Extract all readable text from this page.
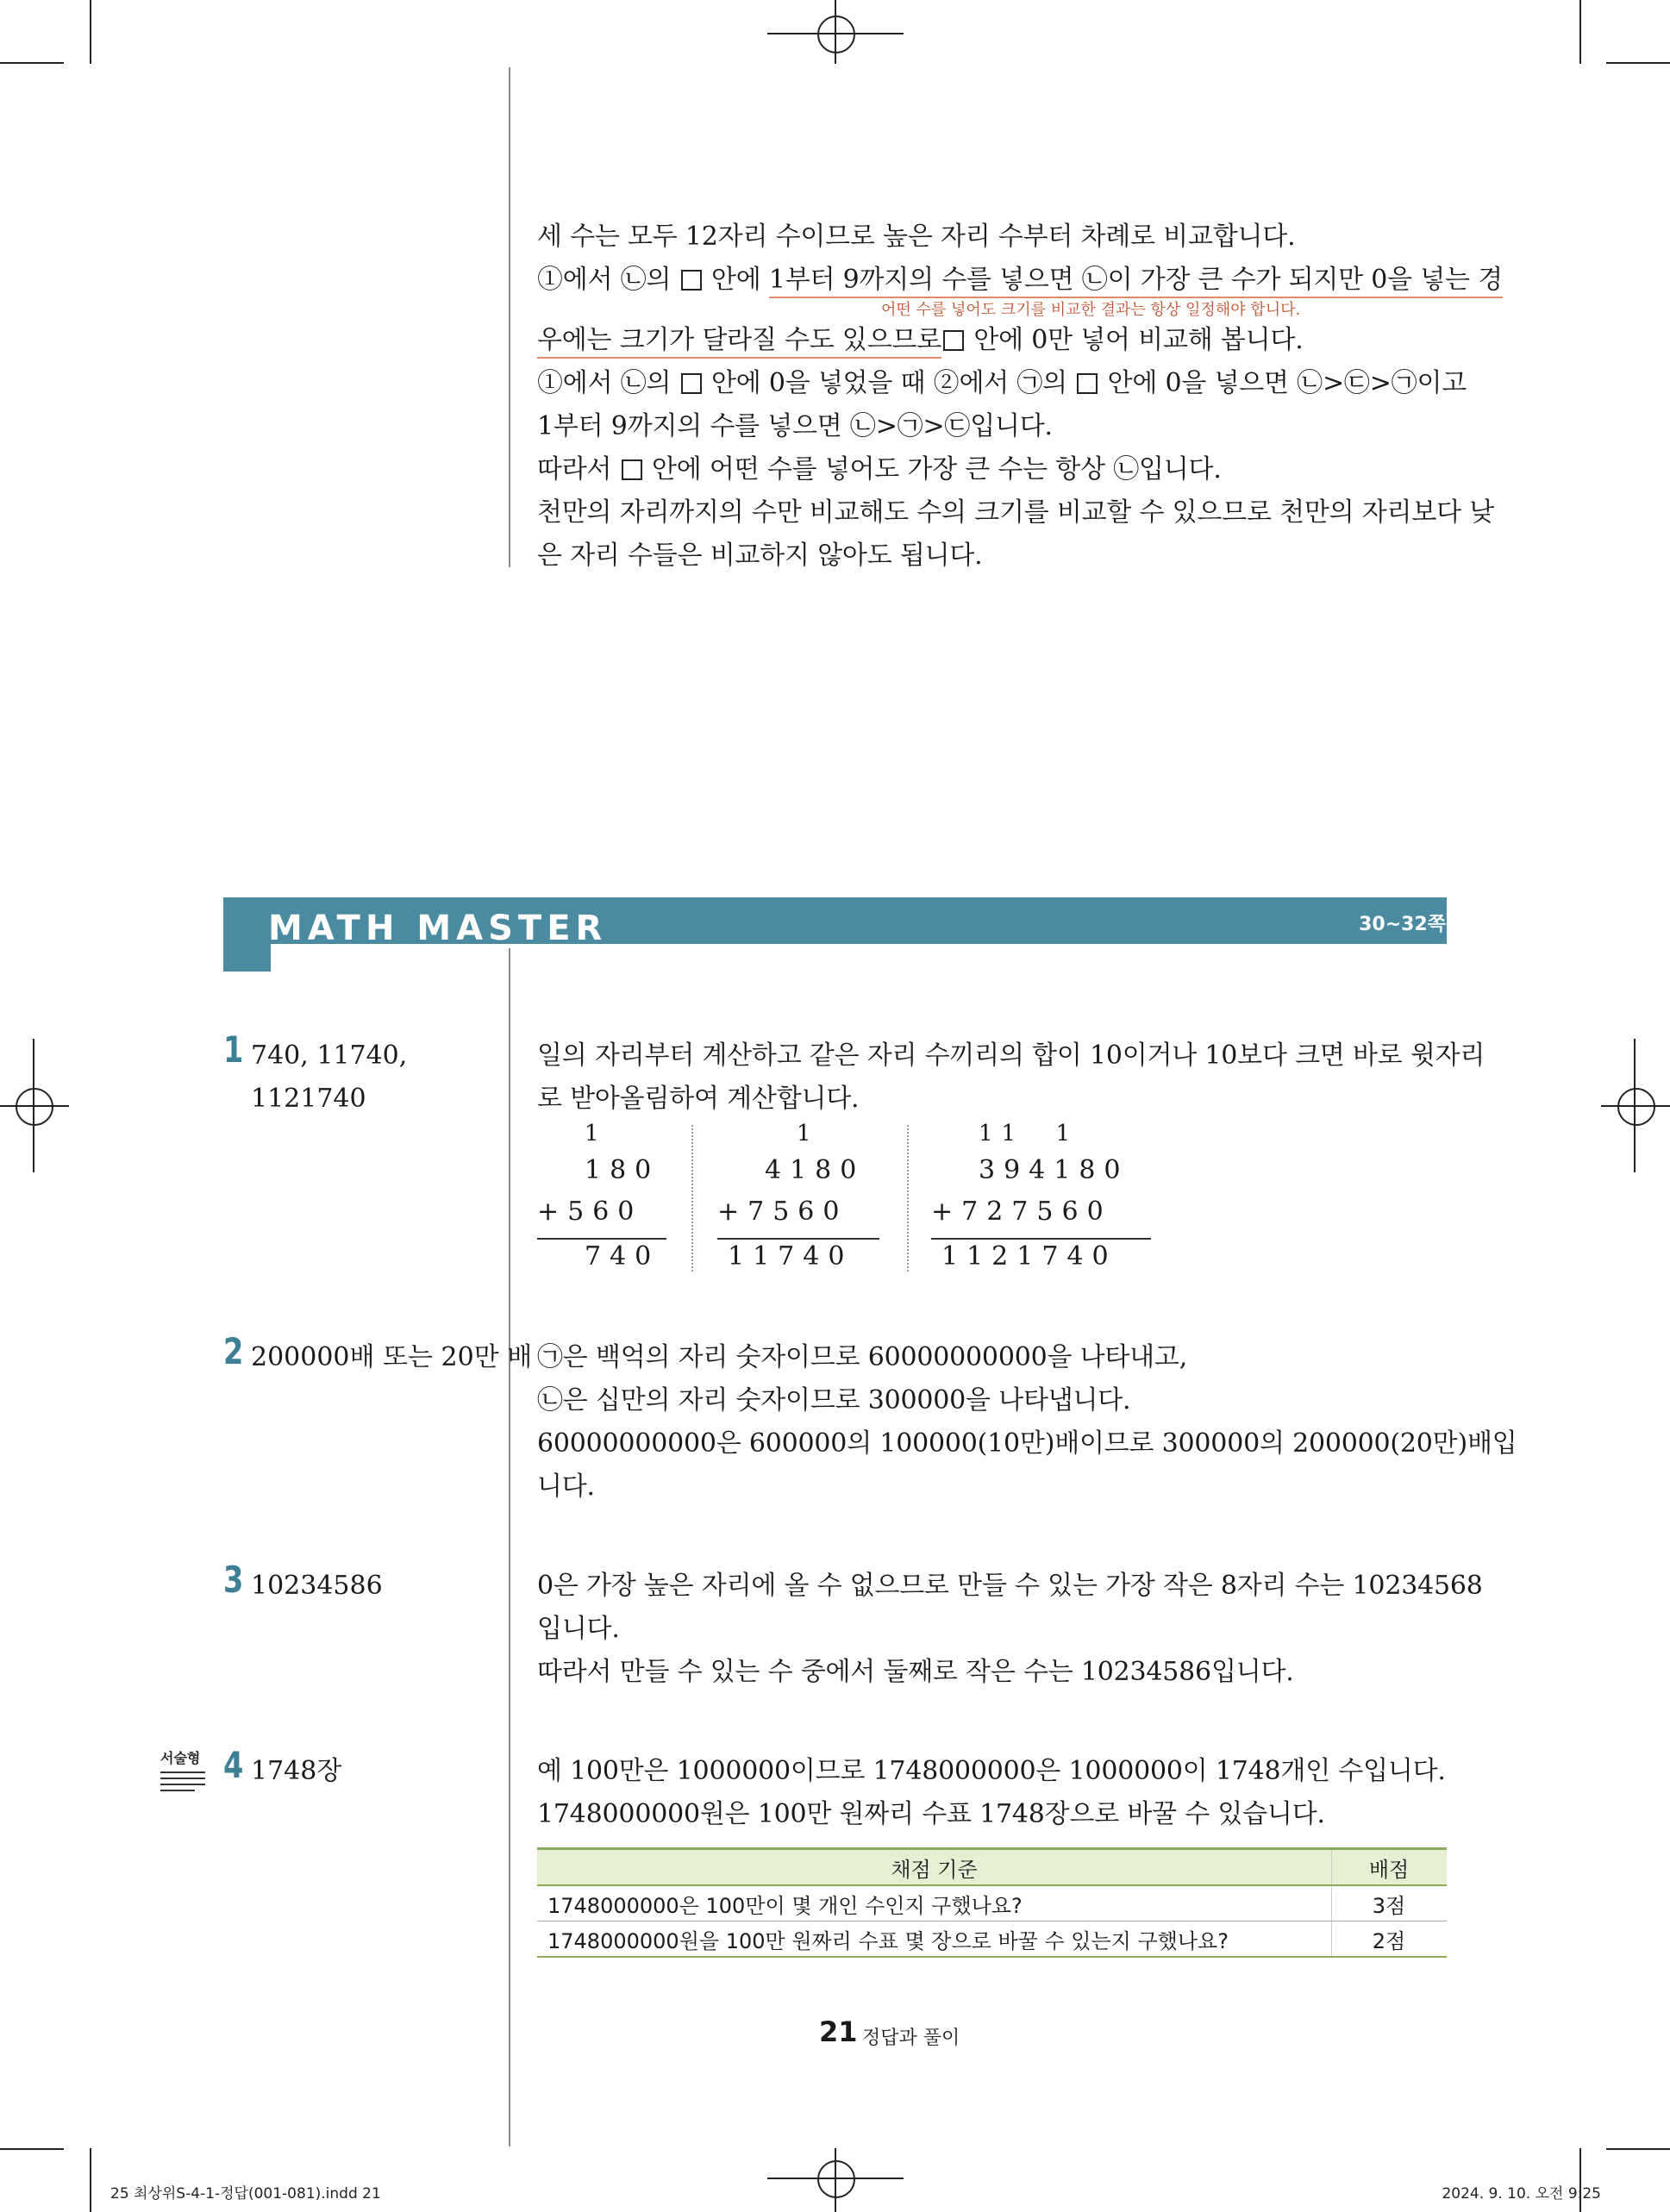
세 수는 모두 12자리 수이므로 높은 자리 수부터 차례로 비교합니다.

①에서 ㉡의  안에 1부터 9까지의 수를 넣으면 ㉡이 가장 큰 수가 되지만 0을 넣는 경

우에는 크기가 달라질 수도 있으므로 안에 0만 넣어 비교해 봅니다.

①에서 ㉡의  안에 0을 넣었을 때 ②에서 ㉠의  안에 0을 넣으면 ㉡>㉢>㉠이고

1부터 9까지의 수를 넣으면 ㉡>㉠>㉢입니다.

따라서  안에 어떤 수를 넣어도 가장 큰 수는 항상 ㉡입니다.

천만의 자리까지의 수만 비교해도 수의 크기를 비교할 수 있으므로 천만의 자리보다 낮

은 자리 수들은 비교하지 않아도 됩니다.

어떤 수를 넣어도 크기를 비교한 결과는 항상 일정해야 합니다.
MATH MASTER	30~32쪽
1 740, 11740,
1121740

일의 자리부터 계산하고 같은 자리 수끼리의 합이 10이거나 10보다 크면 바로 윗자리

로 받아올림하여 계산합니다.

1
180
+560
740
1
4180
+7560
11740
11  1
394180
+727560
1121740
2 200000배 또는 20만 배 ㉠은 백억의 자리 숫자이므로 60000000000을 나타내고,

㉡은 십만의 자리 숫자이므로 300000을 나타냅니다.

60000000000은 600000의 100000(10만)배이므로 300000의 200000(20만)배입

니다.

3 10234586	0은 가장 높은 자리에 올 수 없으므로 만들 수 있는 가장 작은 8자리 수는 10234568

입니다.

따라서 만들 수 있는 수 중에서 둘째로 작은 수는 10234586입니다.

서술형 4 1748장	예 100만은 1000000이므로 1748000000은 1000000이 1748개인 수입니다.

1748000000원은 100만 원짜리 수표 1748장으로 바꿀 수 있습니다.

채점 기준	배점
1748000000은 100만이 몇 개인 수인지 구했나요?	3점
1748000000원을 100만 원짜리 수표 몇 장으로 바꿀 수 있는지 구했나요?	2점
21 정답과 풀이
25 최상위S-4-1-정답(001-081).indd 21	2024. 9. 10. 오전 9:25
